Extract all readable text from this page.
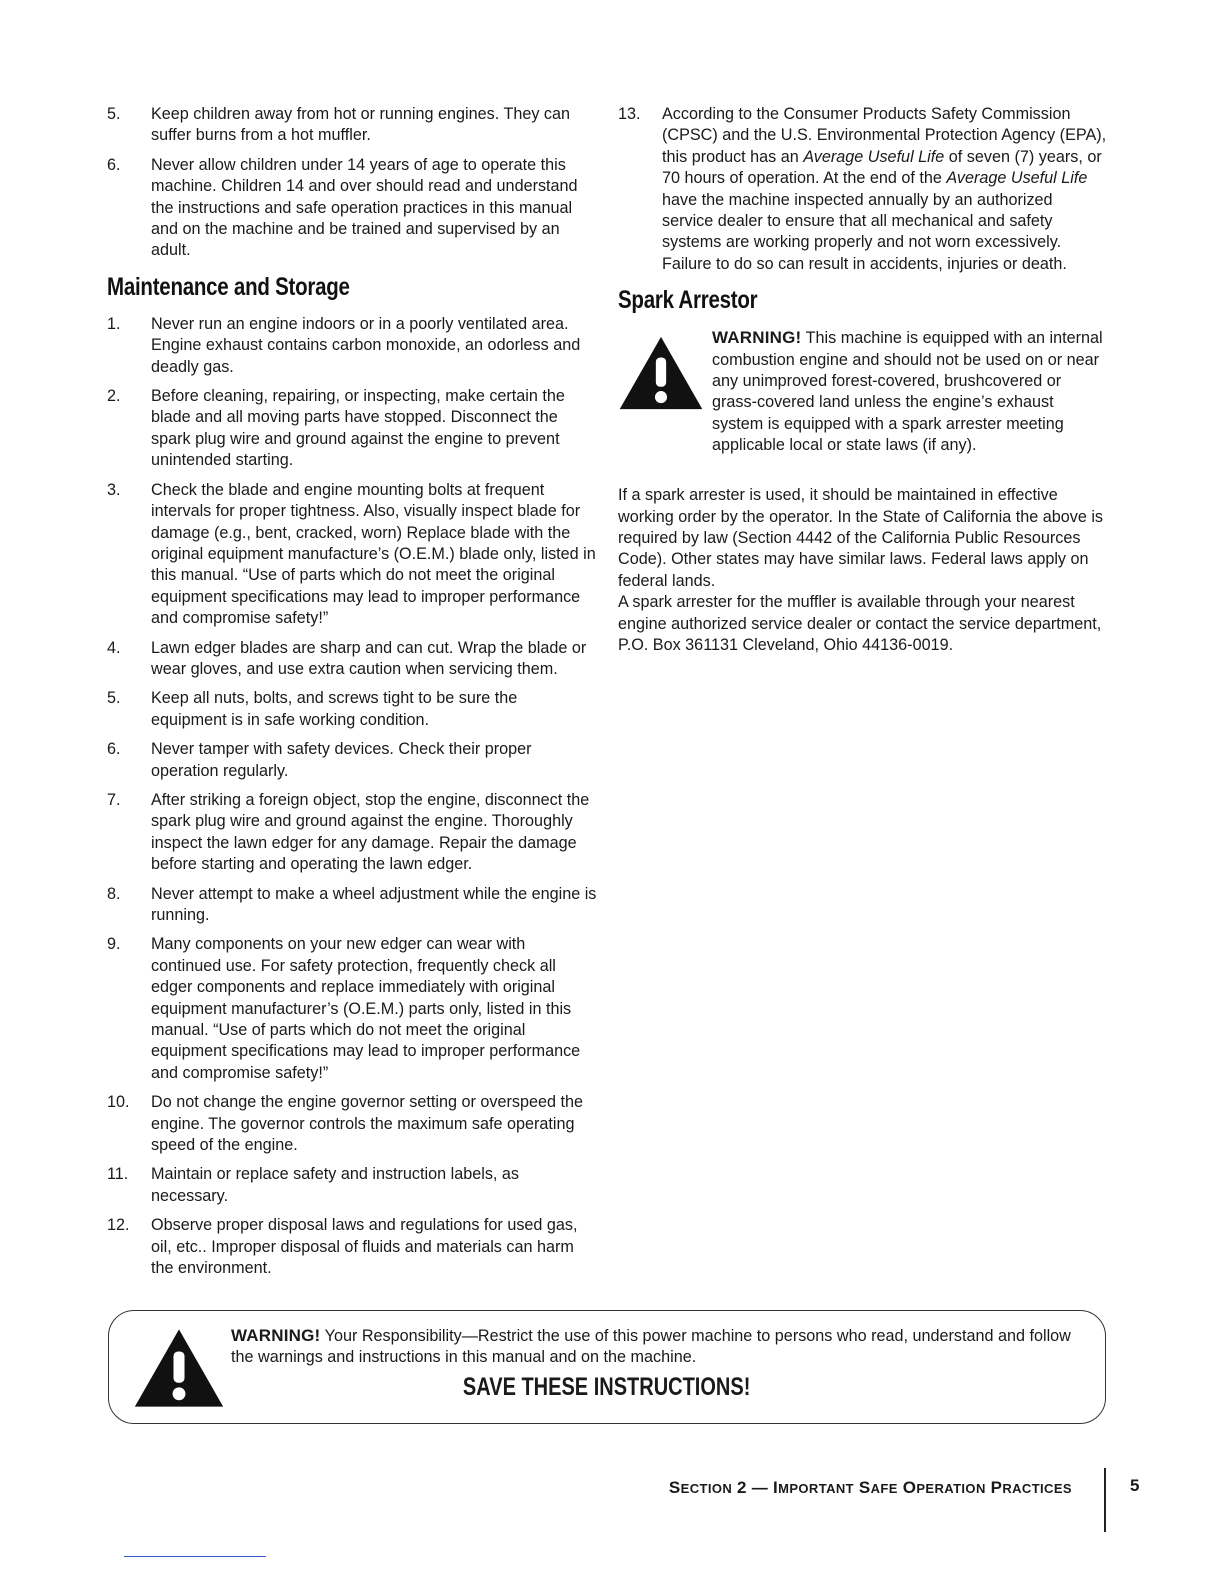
5. Keep children away from hot or running engines. They can suffer burns from a hot muffler.
6. Never allow children under 14 years of age to operate this machine. Children 14 and over should read and understand the instructions and safe operation practices in this manual and on the machine and be trained and supervised by an adult.
Maintenance and Storage
1. Never run an engine indoors or in a poorly ventilated area. Engine exhaust contains carbon monoxide, an odorless and deadly gas.
2. Before cleaning, repairing, or inspecting, make certain the blade and all moving parts have stopped. Disconnect the spark plug wire and ground against the engine to prevent unintended starting.
3. Check the blade and engine mounting bolts at frequent intervals for proper tightness. Also, visually inspect blade for damage (e.g., bent, cracked, worn) Replace blade with the original equipment manufacture’s (O.E.M.) blade only, listed in this manual. “Use of parts which do not meet the original equipment specifications may lead to improper performance and compromise safety!”
4. Lawn edger blades are sharp and can cut. Wrap the blade or wear gloves, and use extra caution when servicing them.
5. Keep all nuts, bolts, and screws tight to be sure the equipment is in safe working condition.
6. Never tamper with safety devices. Check their proper operation regularly.
7. After striking a foreign object, stop the engine, disconnect the spark plug wire and ground against the engine. Thoroughly inspect the lawn edger for any damage. Repair the damage before starting and operating the lawn edger.
8. Never attempt to make a wheel adjustment while the engine is running.
9. Many components on your new edger can wear with continued use. For safety protection, frequently check all edger components and replace immediately with original equipment manufacturer’s (O.E.M.) parts only, listed in this manual. “Use of parts which do not meet the original equipment specifications may lead to improper performance and compromise safety!”
10. Do not change the engine governor setting or overspeed the engine. The governor controls the maximum safe operating speed of the engine.
11. Maintain or replace safety and instruction labels, as necessary.
12. Observe proper disposal laws and regulations for used gas, oil, etc.. Improper disposal of fluids and materials can harm the environment.
13. According to the Consumer Products Safety Commission (CPSC) and the U.S. Environmental Protection Agency (EPA), this product has an Average Useful Life of seven (7) years, or 70 hours of operation. At the end of the Average Useful Life have the machine inspected annually by an authorized service dealer to ensure that all mechanical and safety systems are working properly and not worn excessively. Failure to do so can result in accidents, injuries or death.
Spark Arrestor
WARNING! This machine is equipped with an internal combustion engine and should not be used on or near any unimproved forest-covered, brushcovered or grass-covered land unless the engine’s exhaust system is equipped with a spark arrester meeting applicable local or state laws (if any).

If a spark arrester is used, it should be maintained in effective working order by the operator. In the State of California the above is required by law (Section 4442 of the California Public Resources Code). Other states may have similar laws. Federal laws apply on federal lands.

A spark arrester for the muffler is available through your nearest engine authorized service dealer or contact the service department, P.O. Box 361131 Cleveland, Ohio 44136-0019.

WARNING! Your Responsibility—Restrict the use of this power machine to persons who read, understand and follow the warnings and instructions in this manual and on the machine.
SAVE THESE INSTRUCTIONS!
SECTION 2 — IMPORTANT SAFE OPERATION PRACTICES	5
